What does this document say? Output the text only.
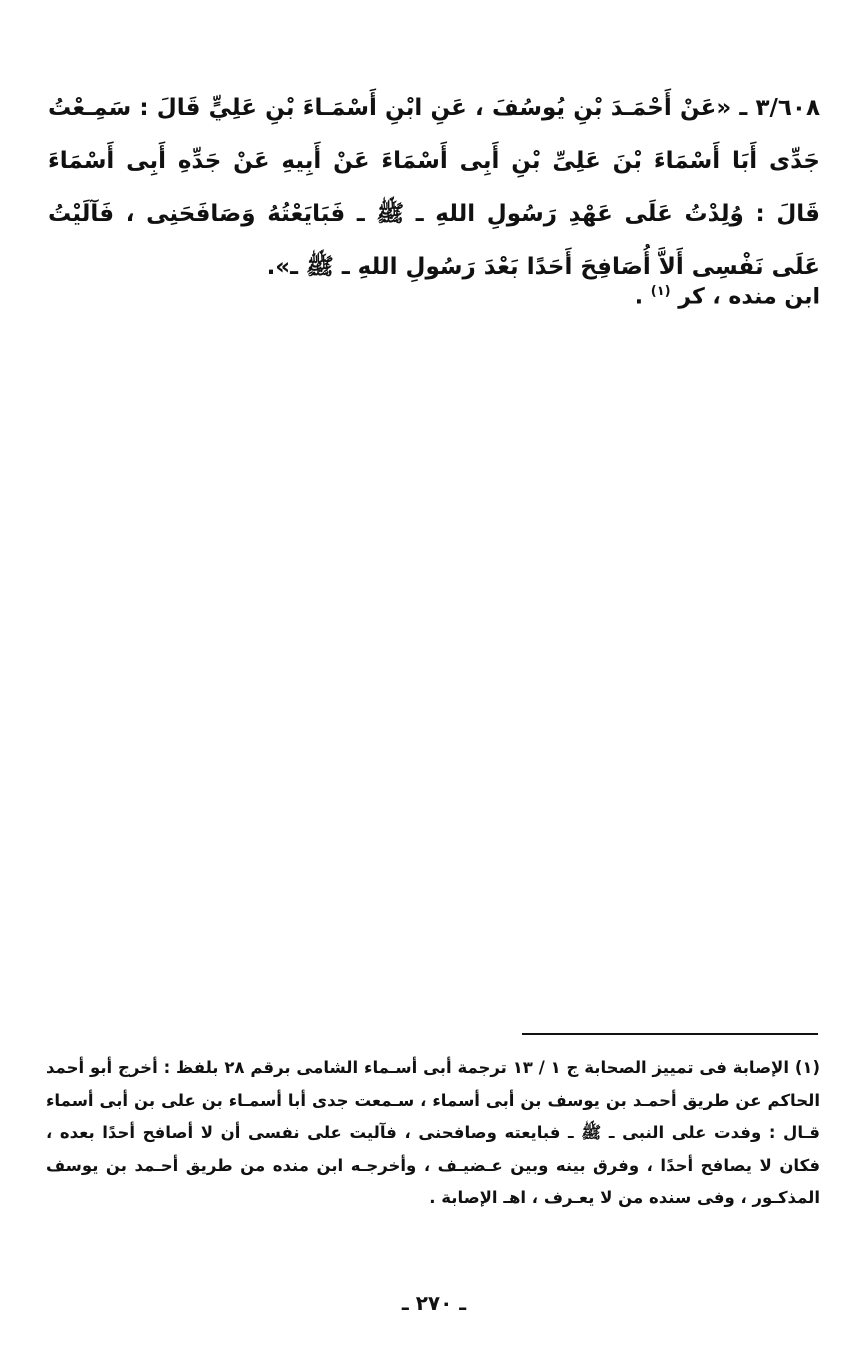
٣/٦٠٨ ـ «عَنْ أَحْمَـدَ بْنِ يُوسُفَ ، عَنِ ابْنِ أَسْمَـاءَ بْنِ عَلِيٍّ قَالَ : سَمِـعْتُ جَدِّى أَبَا أَسْمَاءَ بْنَ عَلِىِّ بْنِ أَبِى أَسْمَاءَ عَنْ أَبِيهِ عَنْ جَدِّهِ أَبِى أَسْمَاءَ قَالَ : وُلِدْتُ عَلَى عَهْدِ رَسُولِ اللهِ ـ ﷺ ـ فَبَايَعْتُهُ وَصَافَحَنِى ، فَآلَيْتُ عَلَى نَفْسِى أَلاَّ أُصَافِحَ أَحَدًا بَعْدَ رَسُولِ اللهِ ـ ﷺ ـ».

ابن منده ، كر $^{(١)}$ .

(١) الإصابة فى تمييز الصحابة ج ١ / ١٣ ترجمة أبى أسـماء الشامى برقم ٢٨ بلفظ : أخرج أبو أحمد الحاكم عن طريق أحمـد بن يوسف بن أبى أسماء ، سـمعت جدى أبا أسمـاء بن على بن أبى أسماء قـال : وفدت على النبى ـ ﷺ ـ فبايعته وصافحنى ، فآليت على نفسى أن لا أصافح أحدًا بعده ، فكان لا يصافح أحدًا ، وفرق بينه وبين عـضيـف ، وأخرجـه ابن منده من طريق أحـمد بن يوسف المذكـور ، وفى سنده من لا يعـرف ، اهـ الإصابة .

ـ ٢٧٠ ـ
